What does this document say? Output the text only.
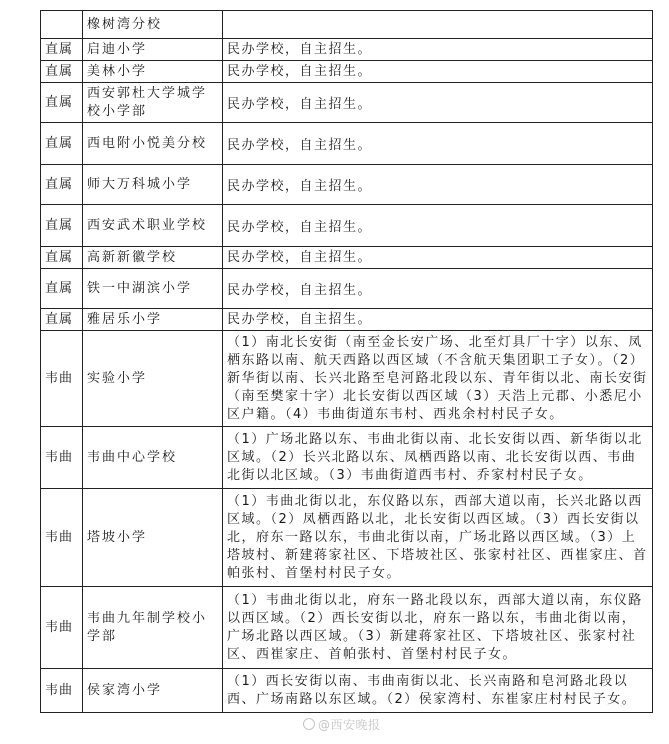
	橡树湾分校	
直属	启迪小学	民办学校，自主招生。
直属	美林小学	民办学校，自主招生。
直属	西安郭杜大学城学校小学部	民办学校，自主招生。
直属	西电附小悦美分校	民办学校，自主招生。
直属	师大万科城小学	民办学校，自主招生。
直属	西安武术职业学校	民办学校，自主招生。
直属	高新新徽学校	民办学校，自主招生。
直属	铁一中湖滨小学	民办学校，自主招生。
直属	雅居乐小学	民办学校，自主招生。
韦曲	实验小学	（1）南北长安街（南至金长安广场、北至灯具厂十字）以东、凤栖东路以南、航天西路以西区域（不含航天集团职工子女）。（2）新华街以南、长兴北路至皂河路北段以东、青年街以北、南长安街（南至樊家十字）北长安街以西区域（3）天浩上元郡、小悉尼小区户籍。（4）韦曲街道东韦村、西兆余村村民子女。
韦曲	韦曲中心学校	（1）广场北路以东、韦曲北街以南、北长安街以西、新华街以北区域。（2）长兴北路以东、凤栖西路以南、北长安街以西、韦曲北街以北区域。（3）韦曲街道西韦村、乔家村村民子女。
韦曲	塔坡小学	（1）韦曲北街以北，东仪路以东，西部大道以南，长兴北路以西区域。（2）凤栖西路以北，北长安街以西区域。（3）西长安街以北，府东一路以东，韦曲北街以南，广场北路以西区域。（3）上塔坡村、新建蒋家社区、下塔坡社区、张家村社区、西崔家庄、首帕张村、首堡村村民子女。
韦曲	韦曲九年制学校小学部	（1）韦曲北街以北，府东一路北段以东，西部大道以南，东仪路以西区域。（2）西长安街以北，府东一路以东，韦曲北街以南，广场北路以西区域。（3）新建蒋家社区、下塔坡社区、张家村社区、西崔家庄、首帕张村、首堡村村民子女。
韦曲	侯家湾小学	（1）西长安街以南、韦曲南街以北、长兴南路和皂河路北段以西、广场南路以东区域。（2）侯家湾村、东崔家庄村村民子女。
@西安晚报
